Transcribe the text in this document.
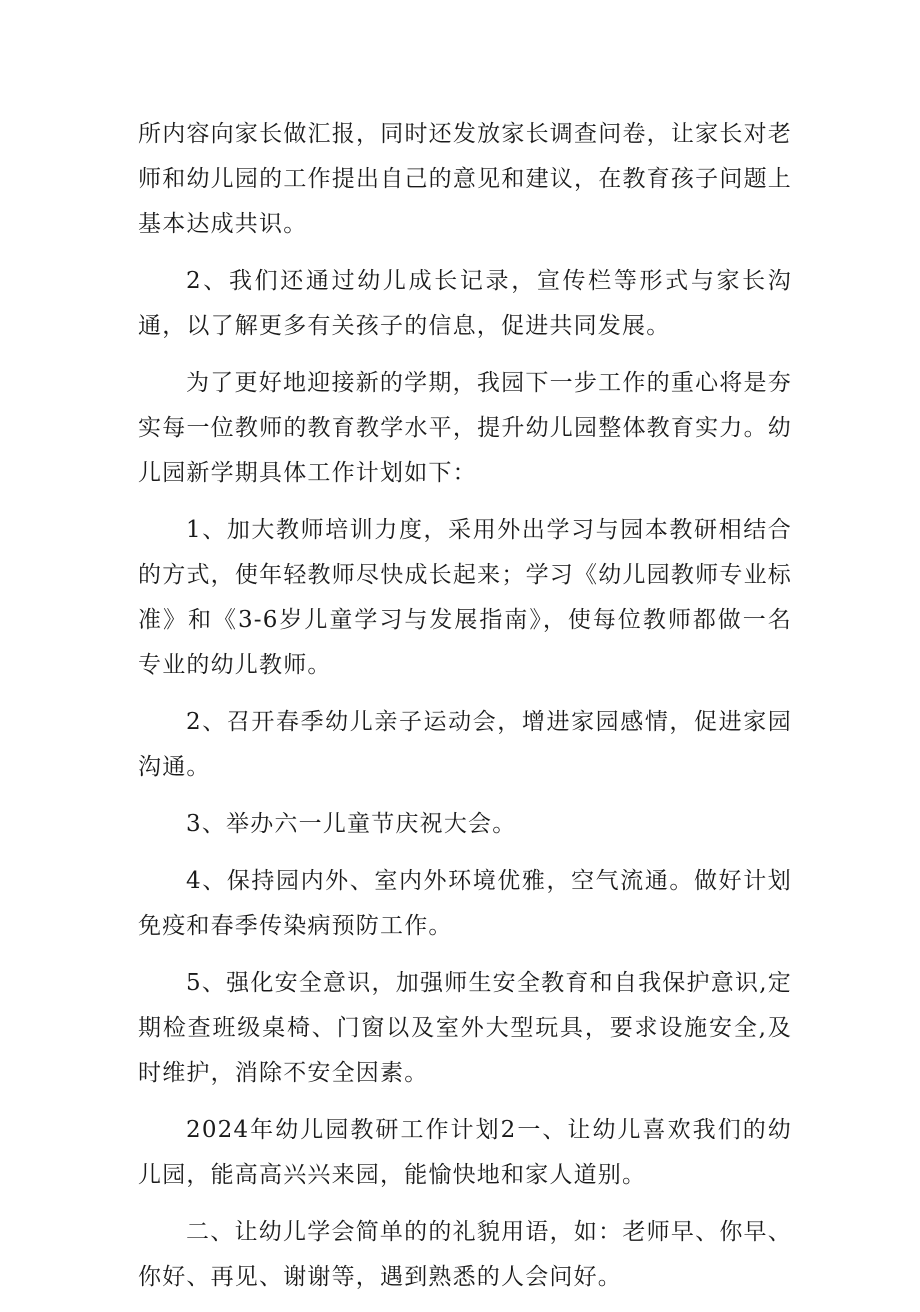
所内容向家长做汇报，同时还发放家长调查问卷，让家长对老师和幼儿园的工作提出自己的意见和建议，在教育孩子问题上基本达成共识。

2、我们还通过幼儿成长记录，宣传栏等形式与家长沟通，以了解更多有关孩子的信息，促进共同发展。

为了更好地迎接新的学期，我园下一步工作的重心将是夯实每一位教师的教育教学水平，提升幼儿园整体教育实力。幼儿园新学期具体工作计划如下：

1、加大教师培训力度，采用外出学习与园本教研相结合的方式，使年轻教师尽快成长起来；学习《幼儿园教师专业标准》和《3-6岁儿童学习与发展指南》，使每位教师都做一名专业的幼儿教师。

2、召开春季幼儿亲子运动会，增进家园感情，促进家园沟通。

3、举办六一儿童节庆祝大会。

4、保持园内外、室内外环境优雅，空气流通。做好计划免疫和春季传染病预防工作。

5、强化安全意识，加强师生安全教育和自我保护意识,定期检查班级桌椅、门窗以及室外大型玩具，要求设施安全,及时维护，消除不安全因素。

2024年幼儿园教研工作计划2一、让幼儿喜欢我们的幼儿园，能高高兴兴来园，能愉快地和家人道别。

二、让幼儿学会简单的的礼貌用语，如：老师早、你早、你好、再见、谢谢等，遇到熟悉的人会问好。
